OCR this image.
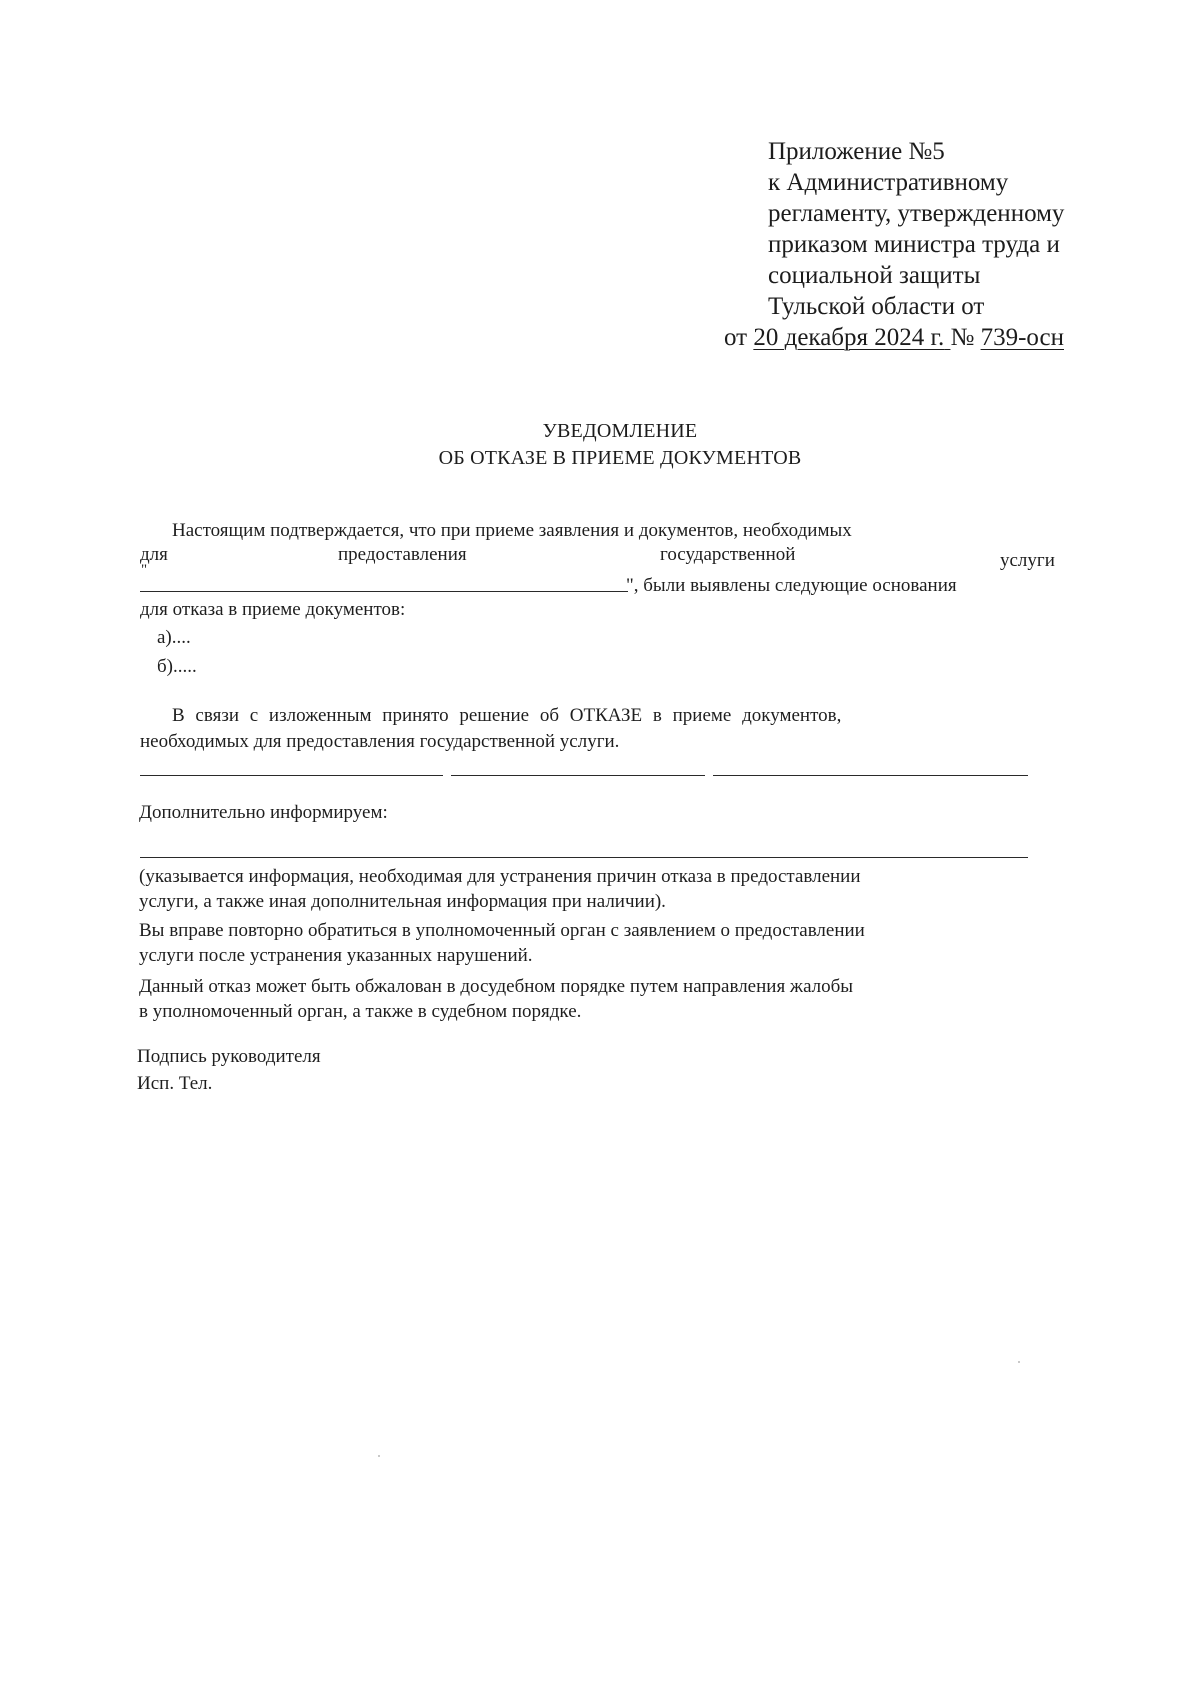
Приложение №5
к Административному
регламенту, утвержденному
приказом министра труда и
социальной защиты
Тульской области от
от 20 декабря 2024 г. № 739-осн
УВЕДОМЛЕНИЕ
ОБ ОТКАЗЕ В ПРИЕМЕ ДОКУМЕНТОВ
Настоящим подтверждается, что при приеме заявления и документов, необходимых
для	предоставления	государственной	услуги
"
", были выявлены следующие основания
для отказа в приеме документов:
а)....
б).....
В связи с изложенным принято решение об ОТКАЗЕ в приеме документов,
необходимых для предоставления государственной услуги.
Дополнительно информируем:
(указывается информация, необходимая для устранения причин отказа в предоставлении
услуги, а также иная дополнительная информация при наличии).
Вы вправе повторно обратиться в уполномоченный орган с заявлением о предоставлении
услуги после устранения указанных нарушений.
Данный отказ может быть обжалован в досудебном порядке путем направления жалобы
в уполномоченный орган, а также в судебном порядке.
Подпись руководителя
Исп. Тел.
